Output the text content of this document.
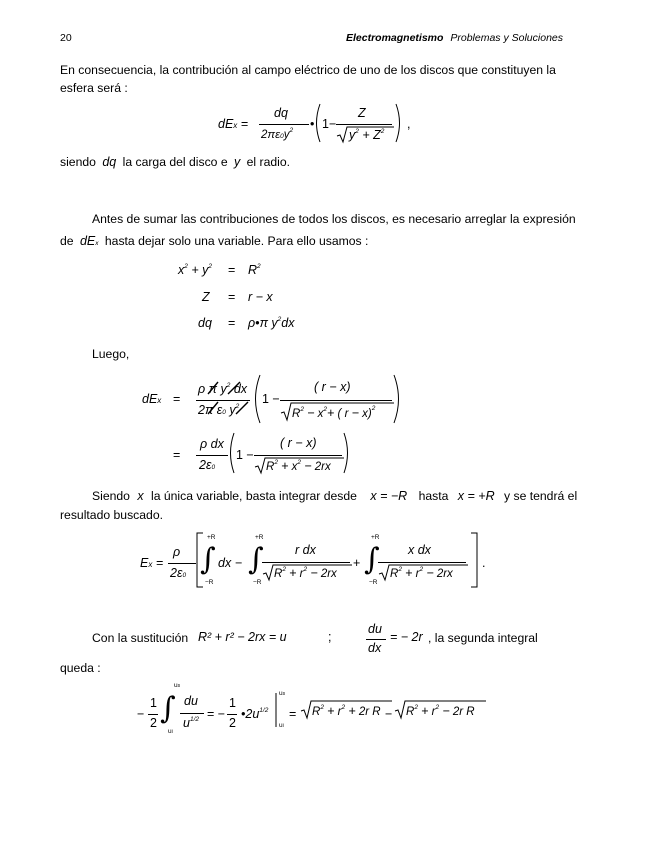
20	Electromagnetismo Problemas y Soluciones
En consecuencia, la contribución al campo eléctrico de uno de los discos que constituyen la
esfera será :
dEx =
dq
$2\pi\varepsilon 0y^2$ • 1−
Z
$y^2 + Z^2$
,
siendo dq la carga del disco e y el radio.
Antes de sumar las contribuciones de todos los discos, es necesario arreglar la expresión
de dEx hasta dejar solo una variable. Para ello usamos :
$x^2 + y^2 = R^2$
Z = r − x
dq = ρ•π $y^2dx$
Luego,
dEx =
ρ π $y^2$ dx
2π ε0 $y^2$
1 −
( r − x)
$R^2 - x^2+$ ( r − x)$^2$
=
ρ dx
2ε0
1 −
( r − x)
$R^2 + x^2 - 2rx$
Siendo x la única variable, basta integrar desde x = −R hasta x = +R y se tendrá el
resultado buscado.
Ex =
ρ
2ε0
+R
∫
−R
dx −
+R
∫
−R
r dx
$R^2 + r^2 - 2rx$
+
+R
∫
−R
x dx
$R^2 + r^2 - 2rx$
.
Con la sustitución R² + r² − 2rx = u	;
du
dx
= − 2r , la segunda integral
queda :
−
1
2
us
∫
ui
du
$u^{1/2}$ = −
1
2
$•2u^{1/2}$
us
ui
= $R^2 + r^2 + 2r$ $R - R^2 + r^2 - 2r$ R
